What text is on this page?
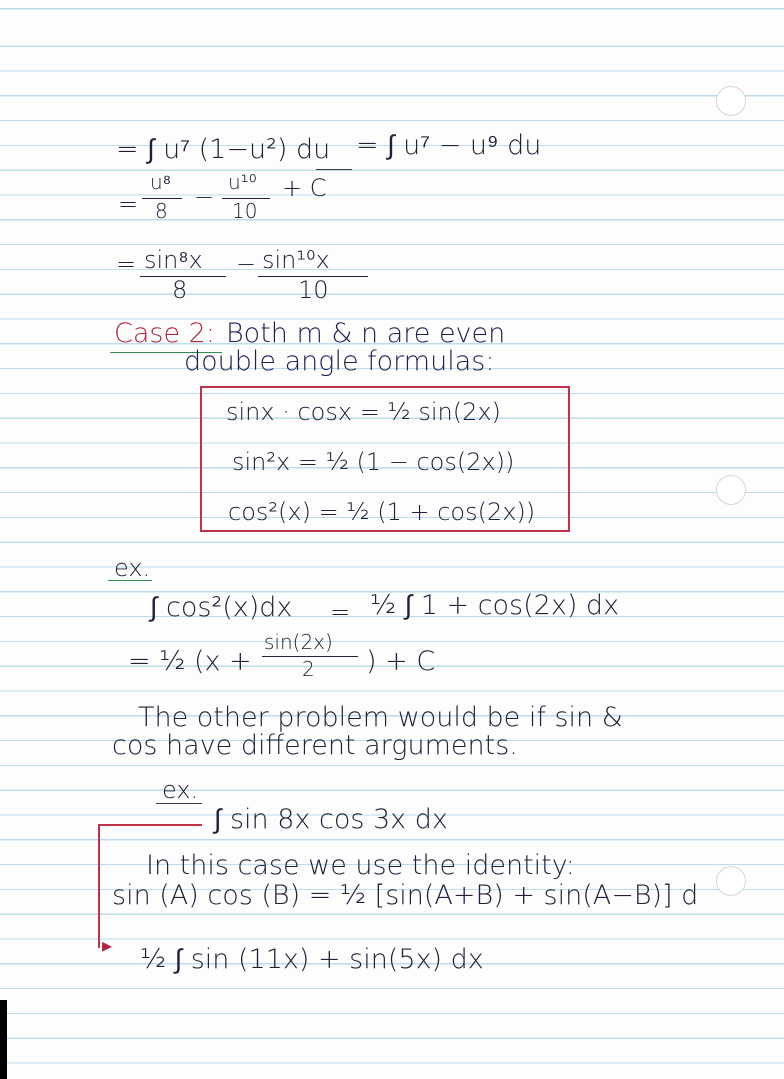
= ∫ u⁷ (1−u²) du = ∫ u⁷ − u⁹ du
=
u⁸
8 −
u¹⁰
10
+ C
= sin⁸x
8
− sin¹⁰x
10
Case 2: Both m & n are even
double angle formulas:
sinx · cosx = ½ sin(2x)
sin²x = ½ (1 − cos(2x))
cos²(x) = ½ (1 + cos(2x))
ex.
∫ cos²(x)dx = ½ ∫ 1 + cos(2x) dx
= ½ (x +
sin(2x)
2 ) + C
The other problem would be if sin &
cos have different arguments.
ex.
∫ sin 8x cos 3x dx
▸
In this case we use the identity:
sin (A) cos (B) = ½ [sin(A+B) + sin(A−B)] d
½ ∫ sin (11x) + sin(5x) dx
